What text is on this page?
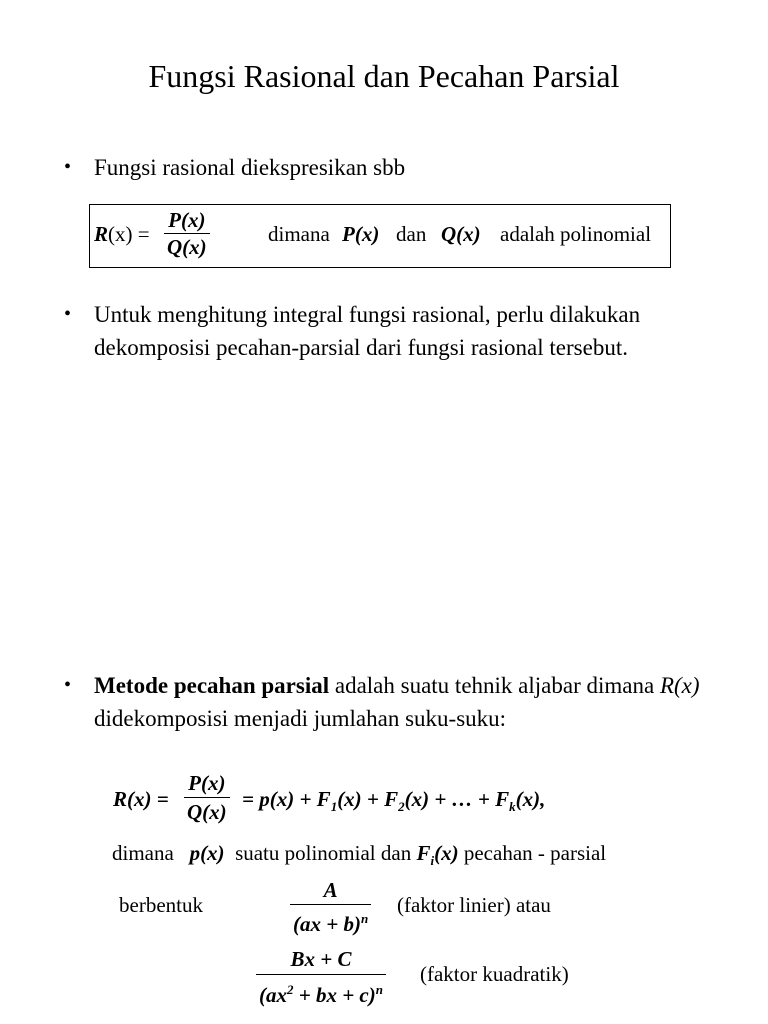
Fungsi Rasional dan Pecahan Parsial
• Fungsi rasional diekspresikan sbb
$R(x) = \frac{P(x)}{Q(x)}$	dimana P(x) dan Q(x) adalah polinomial
• Untuk menghitung integral fungsi rasional, perlu dilakukan dekomposisi pecahan-parsial dari fungsi rasional tersebut.
• Metode pecahan parsial adalah suatu tehnik aljabar dimana R(x) didekomposisi menjadi jumlahan suku-suku:
$R(x) = \frac{P(x)}{Q(x)} = p(x) + F_1(x) + F_2(x)$ + … + $F_k(x)$,
dimana p(x) suatu polinomial dan $F_i(x)$ pecahan - parsial
berbentuk	$\frac{A}{(ax + b)^n}$ (faktor linier) atau
$\frac{Bx + C}{(ax^2 + bx + c)^n}$ (faktor kuadratik)
